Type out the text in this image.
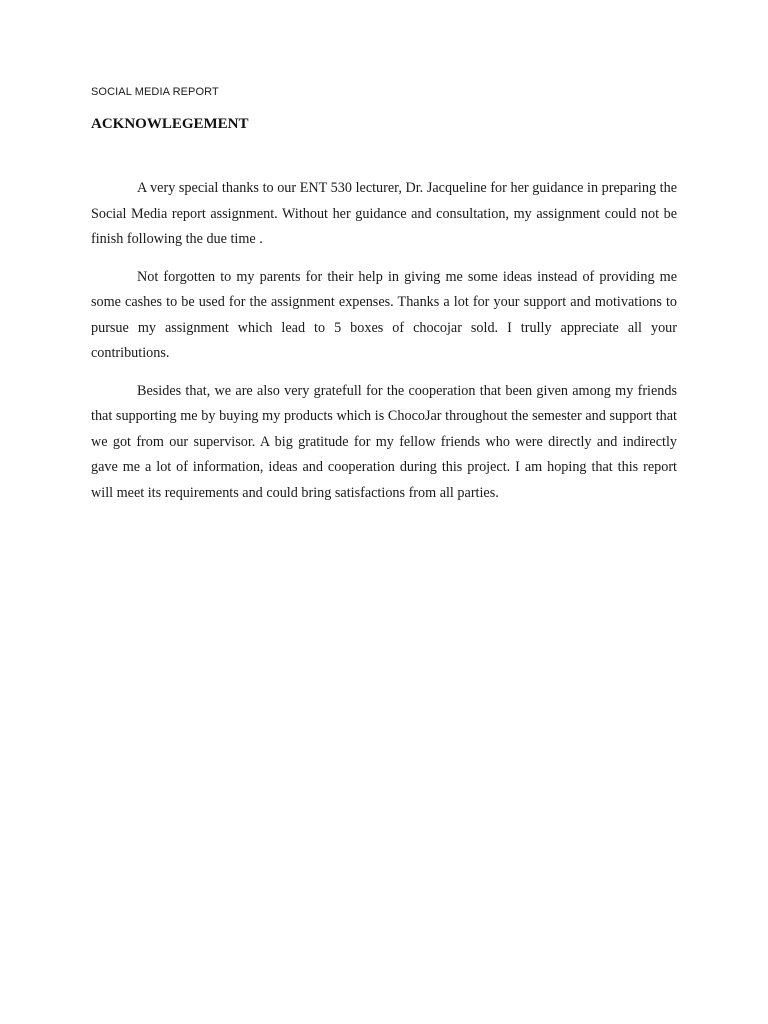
SOCIAL MEDIA REPORT
ACKNOWLEGEMENT

A very special thanks to our ENT 530 lecturer, Dr. Jacqueline for her guidance in preparing the Social Media report assignment. Without her guidance and consultation, my assignment could not be finish following the due time .

Not forgotten to my parents for their help in giving me some ideas instead of providing me some cashes to be used for the assignment expenses. Thanks a lot for your support and motivations to pursue my assignment which lead to 5 boxes of chocojar sold. I trully appreciate all your contributions.

Besides that, we are also very gratefull for the cooperation that been given among my friends that supporting me by buying my products which is ChocoJar throughout the semester and support that we got from our supervisor. A big gratitude for my fellow friends who were directly and indirectly gave me a lot of information, ideas and cooperation during this project. I am hoping that this report will meet its requirements and could bring satisfactions from all parties.
